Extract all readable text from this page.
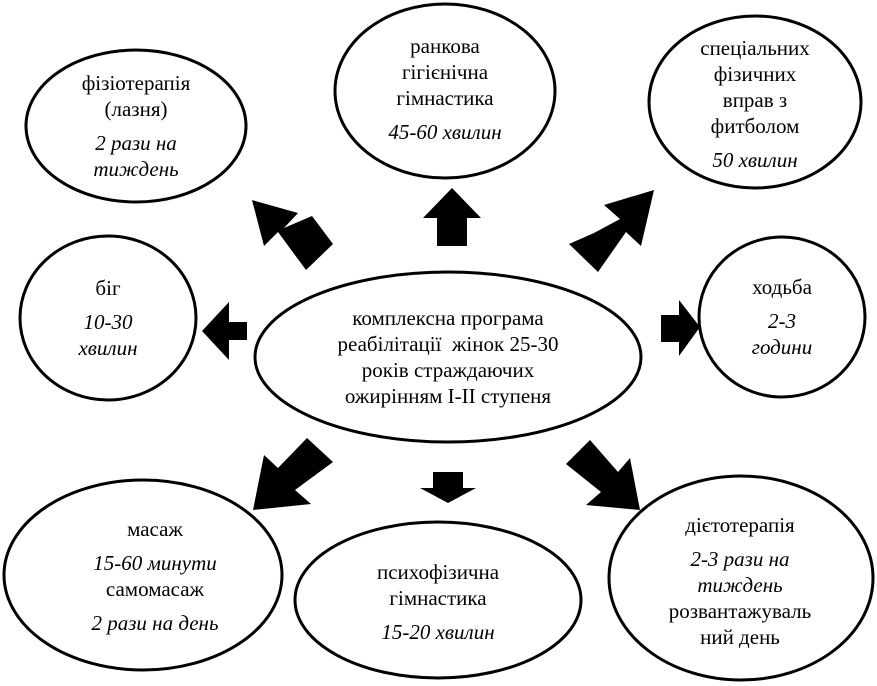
фізіотерапія
(лазня)
2 рази на
тиждень
ранкова
гігієнічна
гімнастика
45-60 хвилин
спеціальних
фізичних
вправ з
фитболом
50 хвилин
біг
10-30
хвилин
комплексна програма
реабілітації  жінок 25-30
років страждаючих
ожирінням І-ІІ ступеня
ходьба
2-3
години
масаж
15-60 минути
самомасаж
2 рази на день
психофізична
гімнастика
15-20 хвилин
дієтотерапія
2-3 рази на
тиждень
розвантажуваль
ний день
